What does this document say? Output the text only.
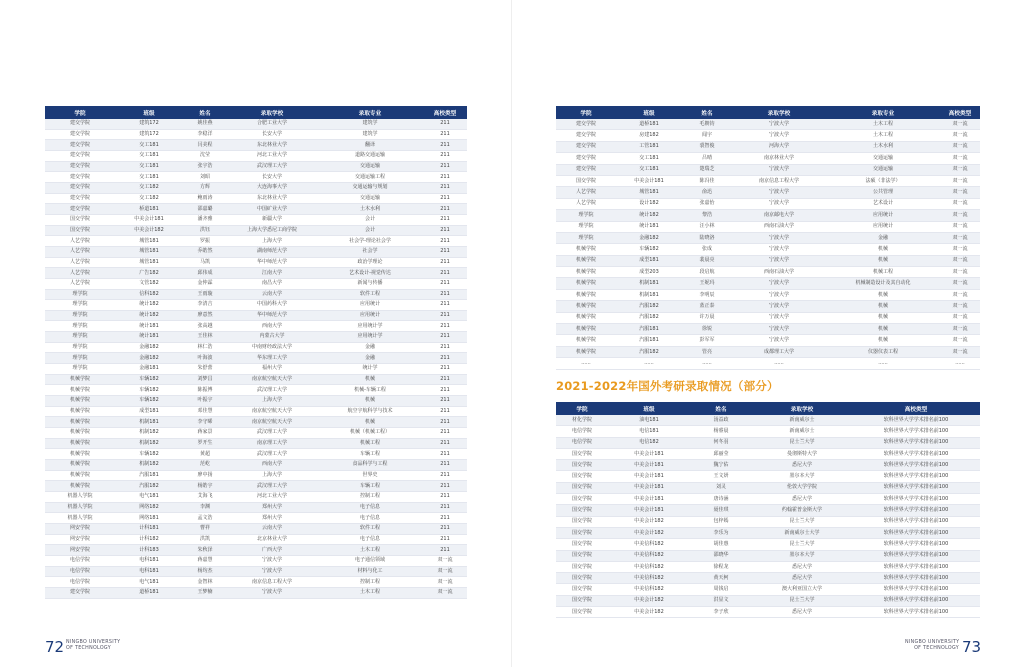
学院	班级	姓名	录取学校	录取专业	高校类型
建交学院	建筑172	姚佳燕	合肥工业大学	建筑学	211
建交学院	建筑172	李稳洋	长安大学	建筑学	211
建交学院	交工181	闫美程	东北林业大学	翻译	211
建交学院	交工181	沈莹	河北工业大学	道路交通运输	211
建交学院	交工181	张宇浩	武汉理工大学	交通运输	211
建交学院	交工181	刘昭	长安大学	交通运输工程	211
建交学院	交工182	方辉	大连海事大学	交通运输与规划	211
建交学院	交工182	鲍雨涛	东北林业大学	交通运输	211
建交学院	桥道181	邵嘉璐	中国矿业大学	土木水利	211
国交学院	中美会计181	潘齐雅	新疆大学	会计	211
国交学院	中美会计182	洪钰	上海大学悉尼工商学院	会计	211
人艺学院	城管181	罗振	上海大学	社会学-理论社会学	211
人艺学院	城管181	乔皓然	湖南师范大学	社会学	211
人艺学院	城管181	马凯	华中师范大学	政治学理论	211
人艺学院	广告182	邱伟成	江南大学	艺术设计-视觉传达	211
人艺学院	文管182	金仲霖	南昌大学	新闻与传播	211
理学院	信科182	王雨璇	云南大学	软件工程	211
理学院	统计182	李清吉	中国药科大学	应用统计	211
理学院	统计182	廖意然	华中师范大学	应用统计	211
理学院	统计181	张高越	西南大学	应用统计学	211
理学院	统计181	王佳林	内蒙古大学	应用统计学	211
理学院	金融182	林仁浩	中南财经政法大学	金融	211
理学院	金融182	叶海波	华东理工大学	金融	211
理学院	金融181	朱舒蕾	福州大学	统计学	211
机械学院	车辆182	刘梦昌	南京航空航天大学	机械	211
机械学院	车辆182	陈振博	武汉理工大学	机械-车辆工程	211
机械学院	车辆182	叶振宇	上海大学	机械	211
机械学院	成型181	邓佳慧	南京航空航天大学	航空宇航科学与技术	211
机械学院	机制181	李守晞	南京航空航天大学	机械	211
机械学院	机制182	蒋家景	武汉理工大学	机械（机械工程）	211
机械学院	机制182	罗开生	南京理工大学	机械工程	211
机械学院	车辆182	黄超	武汉理工大学	车辆工程	211
机械学院	机制182	范屹	西南大学	食品科学与工程	211
机械学院	汽服181	廖中扬	上海大学	世界史	211
机械学院	汽服182	杨皓宇	武汉理工大学	车辆工程	211
机器人学院	电气181	艾海飞	河北工业大学	控制工程	211
机器人学院	网络182	李渊	郑州大学	电子信息	211
机器人学院	网络181	孟文浩	郑州大学	电子信息	211
网安学院	计科181	曹祥	云南大学	软件工程	211
网安学院	计科182	洪凯	北京林业大学	电子信息	211
网安学院	计科183	朱秋泽	广西大学	土木工程	211
电信学院	电科181	蒋嘉慧	宁波大学	电子通信领域	双一流
电信学院	电科181	杨均杰	宁波大学	材料与化工	双一流
电信学院	电气181	金智林	南京信息工程大学	控制工程	双一流
建交学院	道桥181	王梦楠	宁波大学	土木工程	双一流
学院	班级	姓名	录取学校	录取专业	高校类型
建交学院	道桥181	毛朝钧	宁波大学	土木工程	双一流
建交学院	房建182	闻宇	宁波大学	土木工程	双一流
建交学院	工管181	裘智俊	河海大学	土木水利	双一流
建交学院	交工181	吕晴	南京林业大学	交通运输	双一流
建交学院	交工181	楚瑞芝	宁波大学	交通运输	双一流
国交学院	中美会计181	陈冯佳	南京信息工程大学	法硕（非法学）	双一流
人艺学院	城管181	俞迅	宁波大学	公共管理	双一流
人艺学院	设计182	张嘉怡	宁波大学	艺术设计	双一流
理学院	统计182	黎浩	南京邮电大学	应用统计	双一流
理学院	统计181	汪小林	西南石油大学	应用统计	双一流
理学院	金融182	陆晓洛	宁波大学	金融	双一流
机械学院	车辆182	张成	宁波大学	机械	双一流
机械学院	成型181	裴晨亮	宁波大学	机械	双一流
机械学院	成型203	段启航	西南石油大学	机械工程	双一流
机械学院	机制181	王妮玛	宁波大学	机械制造设计及其自动化	双一流
机械学院	机制181	李明辰	宁波大学	机械	双一流
机械学院	汽服182	蓝正泰	宁波大学	机械	双一流
机械学院	汽服182	许万晨	宁波大学	机械	双一流
机械学院	汽服181	徐锐	宁波大学	机械	双一流
机械学院	汽服181	彭军军	宁波大学	机械	双一流
机械学院	汽服182	管亮	成都理工大学	仪器仪表工程	双一流
......	......	......	......	......	......
2021-2022年国外考研录取情况（部分）
学院	班级	姓名	录取学校	高校类型
材化学院	油电181	汤益政	新南威尔士	软科世界大学学术排名前100
电信学院	电信181	杨睿晨	新南威尔士	软科世界大学学术排名前100
电信学院	电信182	何冬羽	昆士兰大学	软科世界大学学术排名前100
国交学院	中美会计181	邱丽莹	曼彻斯特大学	软科世界大学学术排名前100
国交学院	中美会计181	魏宁佑	悉尼大学	软科世界大学学术排名前100
国交学院	中美会计181	王文妍	墨尔本大学	软科世界大学学术排名前100
国交学院	中美会计181	刘灵	伦敦大学学院	软科世界大学学术排名前100
国交学院	中美会计181	唐诗涵	悉尼大学	软科世界大学学术排名前100
国交学院	中美会计181	聂佳琪	约翰霍普金斯大学	软科世界大学学术排名前100
国交学院	中美会计182	包梓嫣	昆士兰大学	软科世界大学学术排名前100
国交学院	中美会计182	李乐为	新南威尔士大学	软科世界大学学术排名前100
国交学院	中美信科182	胡佳惠	昆士兰大学	软科世界大学学术排名前100
国交学院	中美信科182	邵晓华	墨尔本大学	软科世界大学学术排名前100
国交学院	中美信科182	徐程龙	悉尼大学	软科世界大学学术排名前100
国交学院	中美信科182	黄天柯	悉尼大学	软科世界大学学术排名前100
国交学院	中美信科182	周钱启	澳大利亚国立大学	软科世界大学学术排名前100
国交学院	中美会计182	洪显文	昆士兰大学	软科世界大学学术排名前100
国交学院	中美会计182	李子欣	悉尼大学	软科世界大学学术排名前100
72 NINGBO UNIVERSITY
OF TECHNOLOGY
NINGBO UNIVERSITY
OF TECHNOLOGY 73
